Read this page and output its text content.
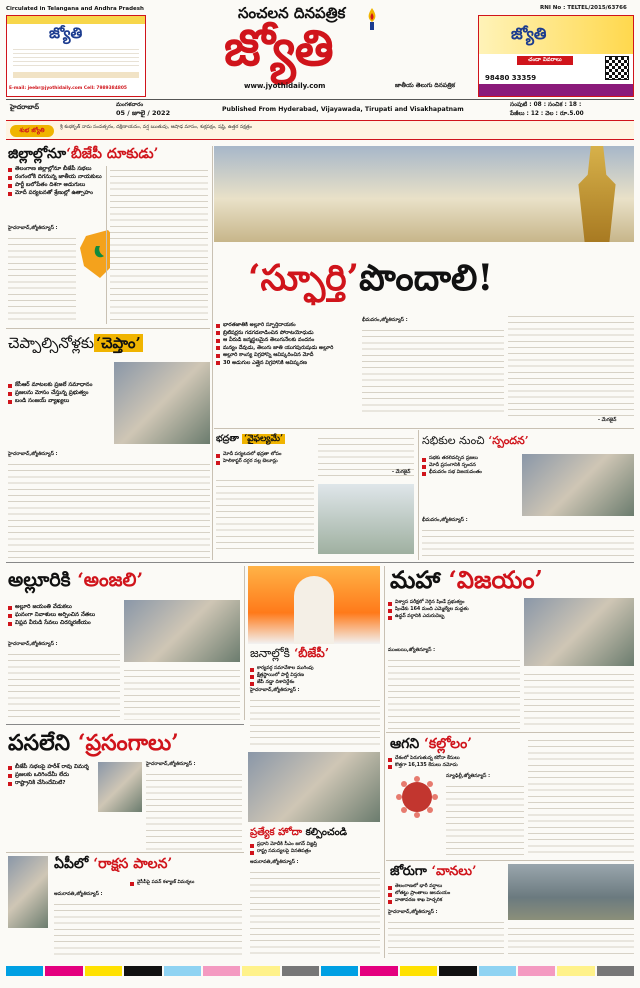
Circulated in Telangana and Andhra Pradesh
జ్యోతి
E-mail: jeebr@jyothidaily.com Cell: 7989384805
సంచలన దినపత్రిక
జ్యోతి
జాతీయ తెలుగు దినపత్రిక
www.jyothidaily.com
RNI No : TELTEL/2015/63766
జ్యోతి
చందా వివరాలు
98480 33359
హైదరాబాద్	మంగళవారం
05 / జూలై / 2022	Published From Hyderabad, Vijayawada, Tirupati and Visakhapatnam
సంపుటి : 08 : సంచిక : 18 :
పేజీలు : 12 : వెల : రూ.5.00
శుభ జ్యోతి	శ్రీ శుభకృత్ నామ సంవత్సరం, దక్షిణాయనం, వర్ష ఋతువు, ఆషాఢ మాసం, శుక్లపక్షం, షష్ఠి, ఉత్తర నక్షత్రం
జిల్లాల్లోనూ‘బీజేపీ దూకుడు’
తెలంగాణ జిల్లాల్లోనూ బీజేపీ సభలు
రంగంలోకి దిగనున్న జాతీయ నాయకులు
పార్టీ బలోపేతం దిశగా అడుగులు
మోదీ పర్యటనతో శ్రేణుల్లో ఉత్సాహం
హైదరాబాద్,జ్యోతిన్యూస్ :
చెప్పాల్సినోళ్లకు ‘చెప్తాం’
కేసీఆర్ మాటలకు ప్రజలే సమాధానం
ప్రజలను మోసం చేస్తున్న ప్రభుత్వం
బండి సంజయ్ వ్యాఖ్యలు
హైదరాబాద్,జ్యోతిన్యూస్ :
‘స్ఫూర్తి’పొందాలి!
భారతజాతికి అల్లూరి స్ఫూర్తిదాయకం
బ్రిటిషర్లను గడగడలాడించిన పోరాటయోధుడు
ఆ వీరుడి జన్మస్థలమైన తెలుగునేలకు వందనం
మన్యం దేవుడు, తెలుగు జాతి యుగపురుషుడు అల్లూరి
అల్లూరి కాంస్య విగ్రహాన్ని ఆవిష్కరించిన మోదీ
30 అడుగుల ఎత్తైన విగ్రహానికి ఆవిష్కరణ
భీమవరం,జ్యోతిన్యూస్ :
- మేగజైన్
భద్రతా ‘వైఫల్యమే’
మోదీ పర్యటనలో భద్రతా లోపం
హెలికాప్టర్ దగ్గర నల్ల బెలూన్లు
- మేగజైన్
సభికుల నుంచి ‘స్పందన’
సభకు తరలివచ్చిన ప్రజలు
మోదీ ప్రసంగానికి స్పందన
భీమవరం సభ విజయవంతం
భీమవరం,జ్యోతిన్యూస్ :
అల్లూరికి ‘అంజలి’
అల్లూరి జయంతి వేడుకలు
ఘనంగా నివాళులు అర్పించిన నేతలు
విప్లవ వీరుడి సేవలు చిరస్మరణీయం
హైదరాబాద్,జ్యోతిన్యూస్ :
జనాల్లోకి ‘బీజేపీ’
కార్యవర్గ సమావేశాల ముగింపు
క్షేత్రస్థాయిలో పార్టీ విస్తరణ
జేపీ నడ్డా దిశానిర్దేశం
హైదరాబాద్,జ్యోతిన్యూస్ :
మహా ‘విజయం’
విశ్వాస పరీక్షలో నెగ్గిన షిండే ప్రభుత్వం
షిండేకు 164 మంది ఎమ్మెల్యేల మద్దతు
ఉద్ధవ్ వర్గానికి ఎదురుదెబ్బ
ముంబయి,జ్యోతిన్యూస్ :
పసలేని ‘ప్రసంగాలు’
బీజేపీ సభలపై హరీశ్ రావు విమర్శ
ప్రజలకు ఒరిగిందేమీ లేదు
రాష్ట్రానికి చేసిందేమిటి?
హైదరాబాద్,జ్యోతిన్యూస్ :
ఏపీలో ‘రాక్షస పాలన’
వైసీపీపై పవన్ కళ్యాణ్ విమర్శలు
అమరావతి,జ్యోతిన్యూస్ :
ప్రత్యేక హోదా కల్పించండి
ప్రధాని మోదీకి సీఎం జగన్ విజ్ఞప్తి
రాష్ట్ర సమస్యలపై వినతిపత్రం
అమరావతి,జ్యోతిన్యూస్ :
ఆగని ‘కల్లోలం’
దేశంలో పెరుగుతున్న కరోనా కేసులు
కొత్తగా 16,135 కేసులు నమోదు
న్యూఢిల్లీ,జ్యోతిన్యూస్ :
జోరుగా ‘వానలు’
తెలంగాణలో భారీ వర్షాలు
లోతట్టు ప్రాంతాలు జలమయం
వాతావరణ శాఖ హెచ్చరిక
హైదరాబాద్,జ్యోతిన్యూస్ :
